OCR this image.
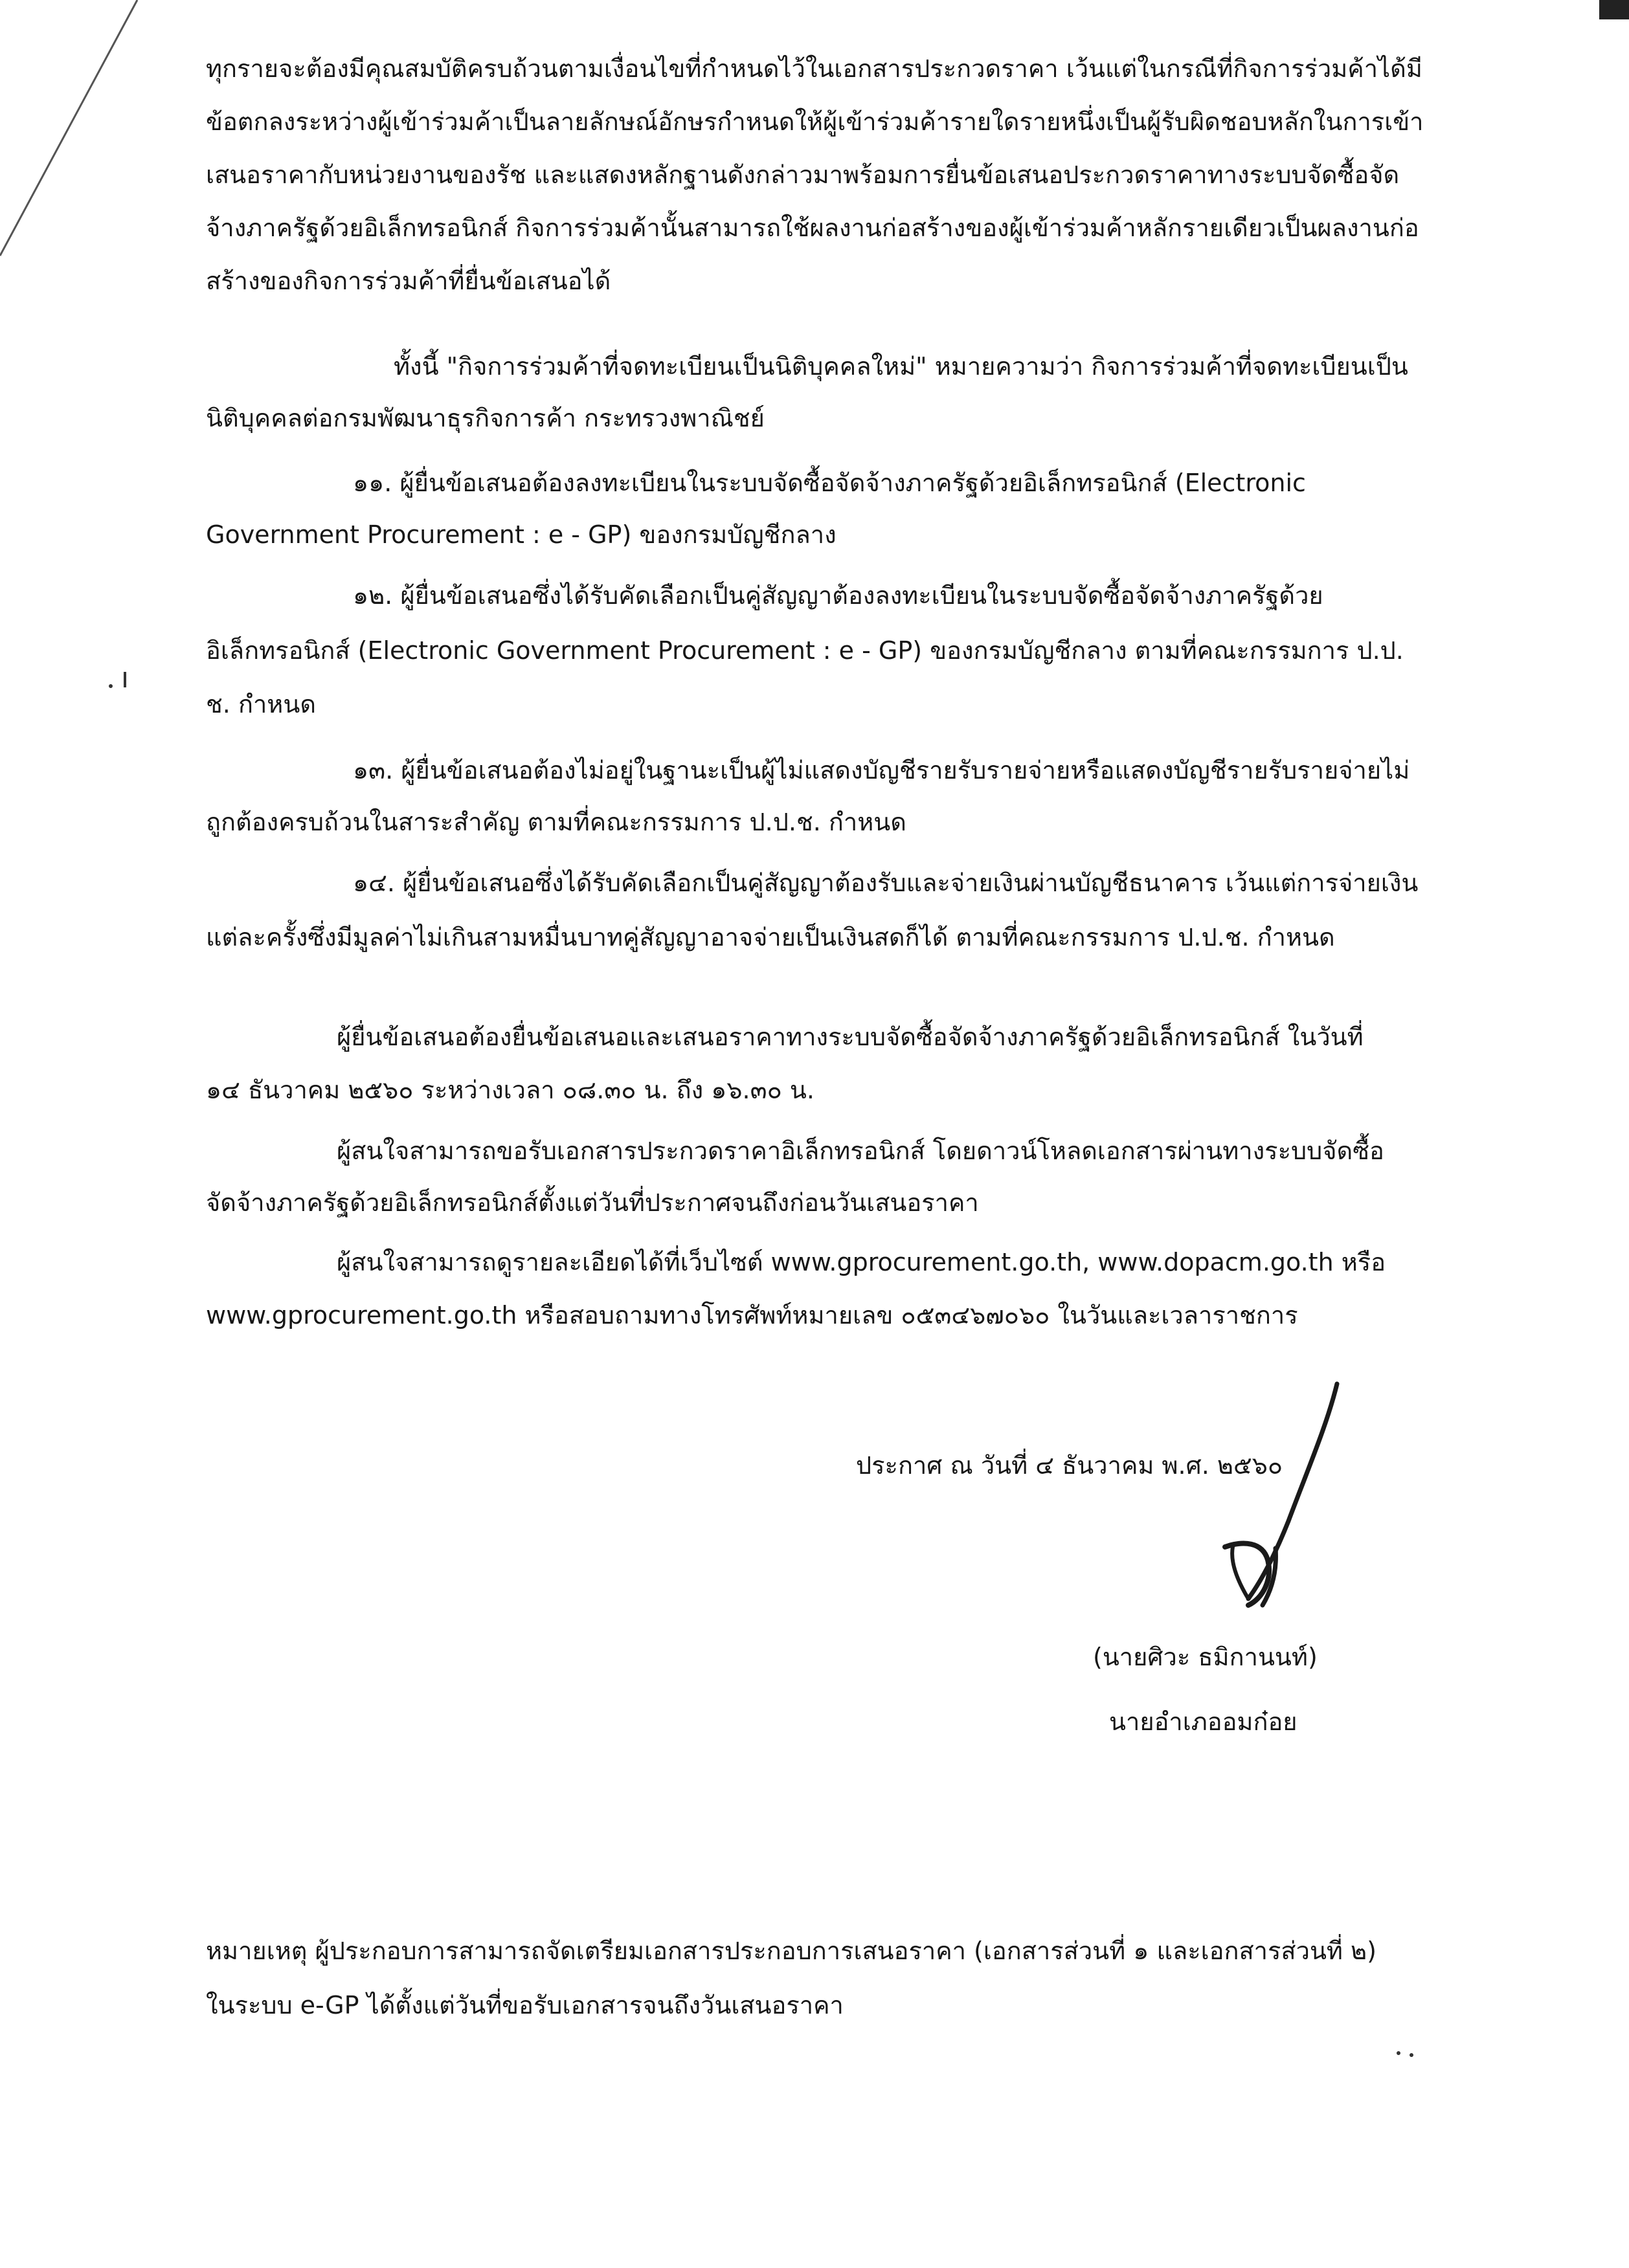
ทุกรายจะต้องมีคุณสมบัติครบถ้วนตามเงื่อนไขที่กำหนดไว้ในเอกสารประกวดราคา เว้นแต่ในกรณีที่กิจการร่วมค้าได้มี
ข้อตกลงระหว่างผู้เข้าร่วมค้าเป็นลายลักษณ์อักษรกำหนดให้ผู้เข้าร่วมค้ารายใดรายหนึ่งเป็นผู้รับผิดชอบหลักในการเข้า
เสนอราคากับหน่วยงานของรัช และแสดงหลักฐานดังกล่าวมาพร้อมการยื่นข้อเสนอประกวดราคาทางระบบจัดซื้อจัด
จ้างภาครัฐด้วยอิเล็กทรอนิกส์ กิจการร่วมค้านั้นสามารถใช้ผลงานก่อสร้างของผู้เข้าร่วมค้าหลักรายเดียวเป็นผลงานก่อ
สร้างของกิจการร่วมค้าที่ยื่นข้อเสนอได้
ทั้งนี้ "กิจการร่วมค้าที่จดทะเบียนเป็นนิติบุคคลใหม่" หมายความว่า กิจการร่วมค้าที่จดทะเบียนเป็น
นิติบุคคลต่อกรมพัฒนาธุรกิจการค้า กระทรวงพาณิชย์
๑๑. ผู้ยื่นข้อเสนอต้องลงทะเบียนในระบบจัดซื้อจัดจ้างภาครัฐด้วยอิเล็กทรอนิกส์ (Electronic
Government Procurement : e - GP) ของกรมบัญชีกลาง
๑๒. ผู้ยื่นข้อเสนอซึ่งได้รับคัดเลือกเป็นคู่สัญญาต้องลงทะเบียนในระบบจัดซื้อจัดจ้างภาครัฐด้วย
อิเล็กทรอนิกส์ (Electronic Government Procurement : e - GP) ของกรมบัญชีกลาง ตามที่คณะกรรมการ ป.ป.
ช. กำหนด
๑๓. ผู้ยื่นข้อเสนอต้องไม่อยู่ในฐานะเป็นผู้ไม่แสดงบัญชีรายรับรายจ่ายหรือแสดงบัญชีรายรับรายจ่ายไม่
ถูกต้องครบถ้วนในสาระสำคัญ ตามที่คณะกรรมการ ป.ป.ช. กำหนด
๑๔. ผู้ยื่นข้อเสนอซึ่งได้รับคัดเลือกเป็นคู่สัญญาต้องรับและจ่ายเงินผ่านบัญชีธนาคาร เว้นแต่การจ่ายเงิน
แต่ละครั้งซึ่งมีมูลค่าไม่เกินสามหมื่นบาทคู่สัญญาอาจจ่ายเป็นเงินสดก็ได้ ตามที่คณะกรรมการ ป.ป.ช. กำหนด
ผู้ยื่นข้อเสนอต้องยื่นข้อเสนอและเสนอราคาทางระบบจัดซื้อจัดจ้างภาครัฐด้วยอิเล็กทรอนิกส์ ในวันที่
๑๔ ธันวาคม ๒๕๖๐ ระหว่างเวลา ๐๘.๓๐ น. ถึง ๑๖.๓๐ น.
ผู้สนใจสามารถขอรับเอกสารประกวดราคาอิเล็กทรอนิกส์ โดยดาวน์โหลดเอกสารผ่านทางระบบจัดซื้อ
จัดจ้างภาครัฐด้วยอิเล็กทรอนิกส์ตั้งแต่วันที่ประกาศจนถึงก่อนวันเสนอราคา
ผู้สนใจสามารถดูรายละเอียดได้ที่เว็บไซต์ www.gprocurement.go.th, www.dopacm.go.th หรือ
www.gprocurement.go.th หรือสอบถามทางโทรศัพท์หมายเลข ๐๕๓๔๖๗๐๖๐ ในวันและเวลาราชการ
ประกาศ ณ วันที่ ๔ ธันวาคม พ.ศ. ๒๕๖๐
(นายศิวะ ธมิกานนท์)
นายอำเภออมก๋อย
หมายเหตุ ผู้ประกอบการสามารถจัดเตรียมเอกสารประกอบการเสนอราคา (เอกสารส่วนที่ ๑ และเอกสารส่วนที่ ๒)
ในระบบ e-GP ได้ตั้งแต่วันที่ขอรับเอกสารจนถึงวันเสนอราคา
